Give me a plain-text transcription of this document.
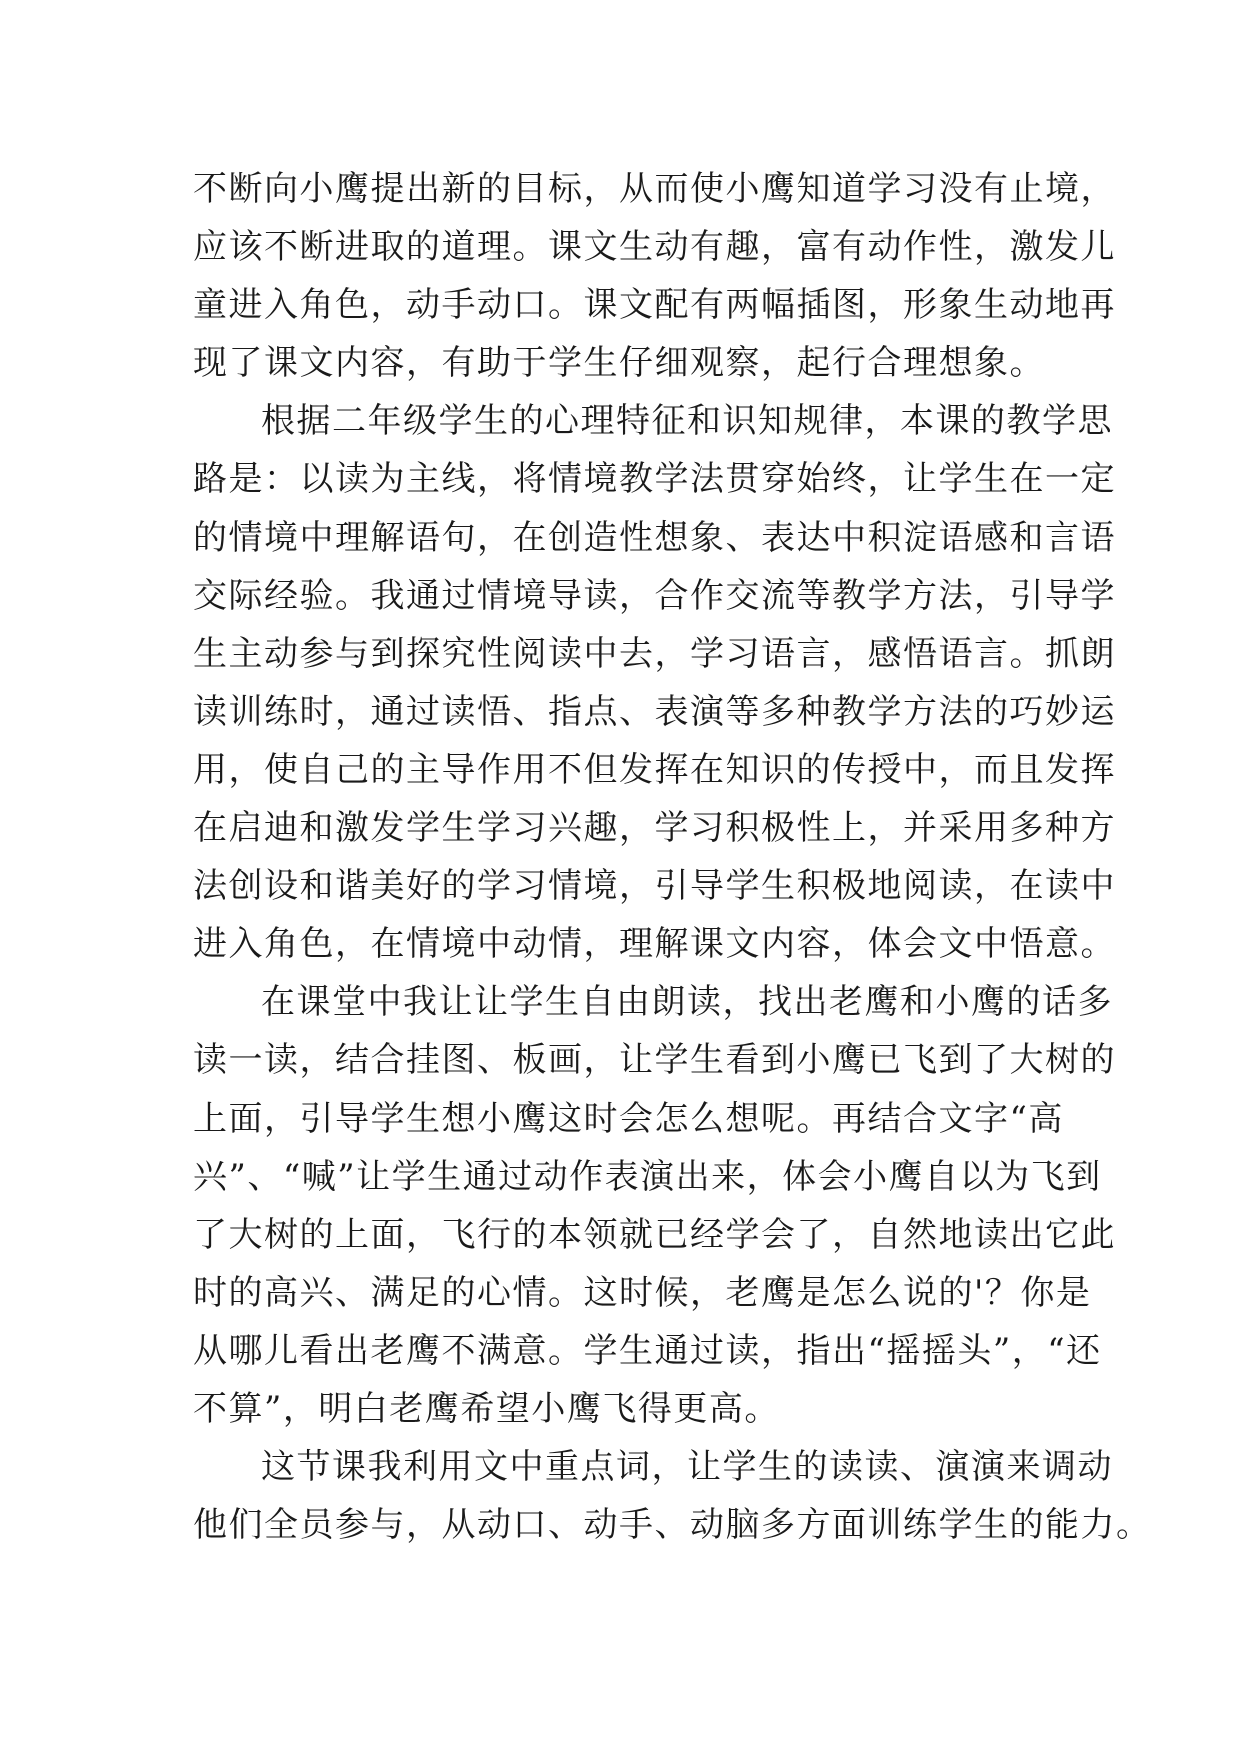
不断向小鹰提出新的目标，从而使小鹰知道学习没有止境，
应该不断进取的道理。课文生动有趣，富有动作性，激发儿
童进入角色，动手动口。课文配有两幅插图，形象生动地再
现了课文内容，有助于学生仔细观察，起行合理想象。
根据二年级学生的心理特征和识知规律，本课的教学思
路是：以读为主线，将情境教学法贯穿始终，让学生在一定
的情境中理解语句，在创造性想象、表达中积淀语感和言语
交际经验。我通过情境导读，合作交流等教学方法，引导学
生主动参与到探究性阅读中去，学习语言，感悟语言。抓朗
读训练时，通过读悟、指点、表演等多种教学方法的巧妙运
用，使自己的主导作用不但发挥在知识的传授中，而且发挥
在启迪和激发学生学习兴趣，学习积极性上，并采用多种方
法创设和谐美好的学习情境，引导学生积极地阅读，在读中
进入角色，在情境中动情，理解课文内容，体会文中悟意。
在课堂中我让让学生自由朗读，找出老鹰和小鹰的话多
读一读，结合挂图、板画，让学生看到小鹰已飞到了大树的
上面，引导学生想小鹰这时会怎么想呢。再结合文字“高
兴”、“喊”让学生通过动作表演出来，体会小鹰自以为飞到
了大树的上面，飞行的本领就已经学会了，自然地读出它此
时的高兴、满足的心情。这时候，老鹰是怎么说的'？你是
从哪儿看出老鹰不满意。学生通过读，指出“摇摇头”，“还
不算”，明白老鹰希望小鹰飞得更高。
这节课我利用文中重点词，让学生的读读、演演来调动
他们全员参与，从动口、动手、动脑多方面训练学生的能力。
